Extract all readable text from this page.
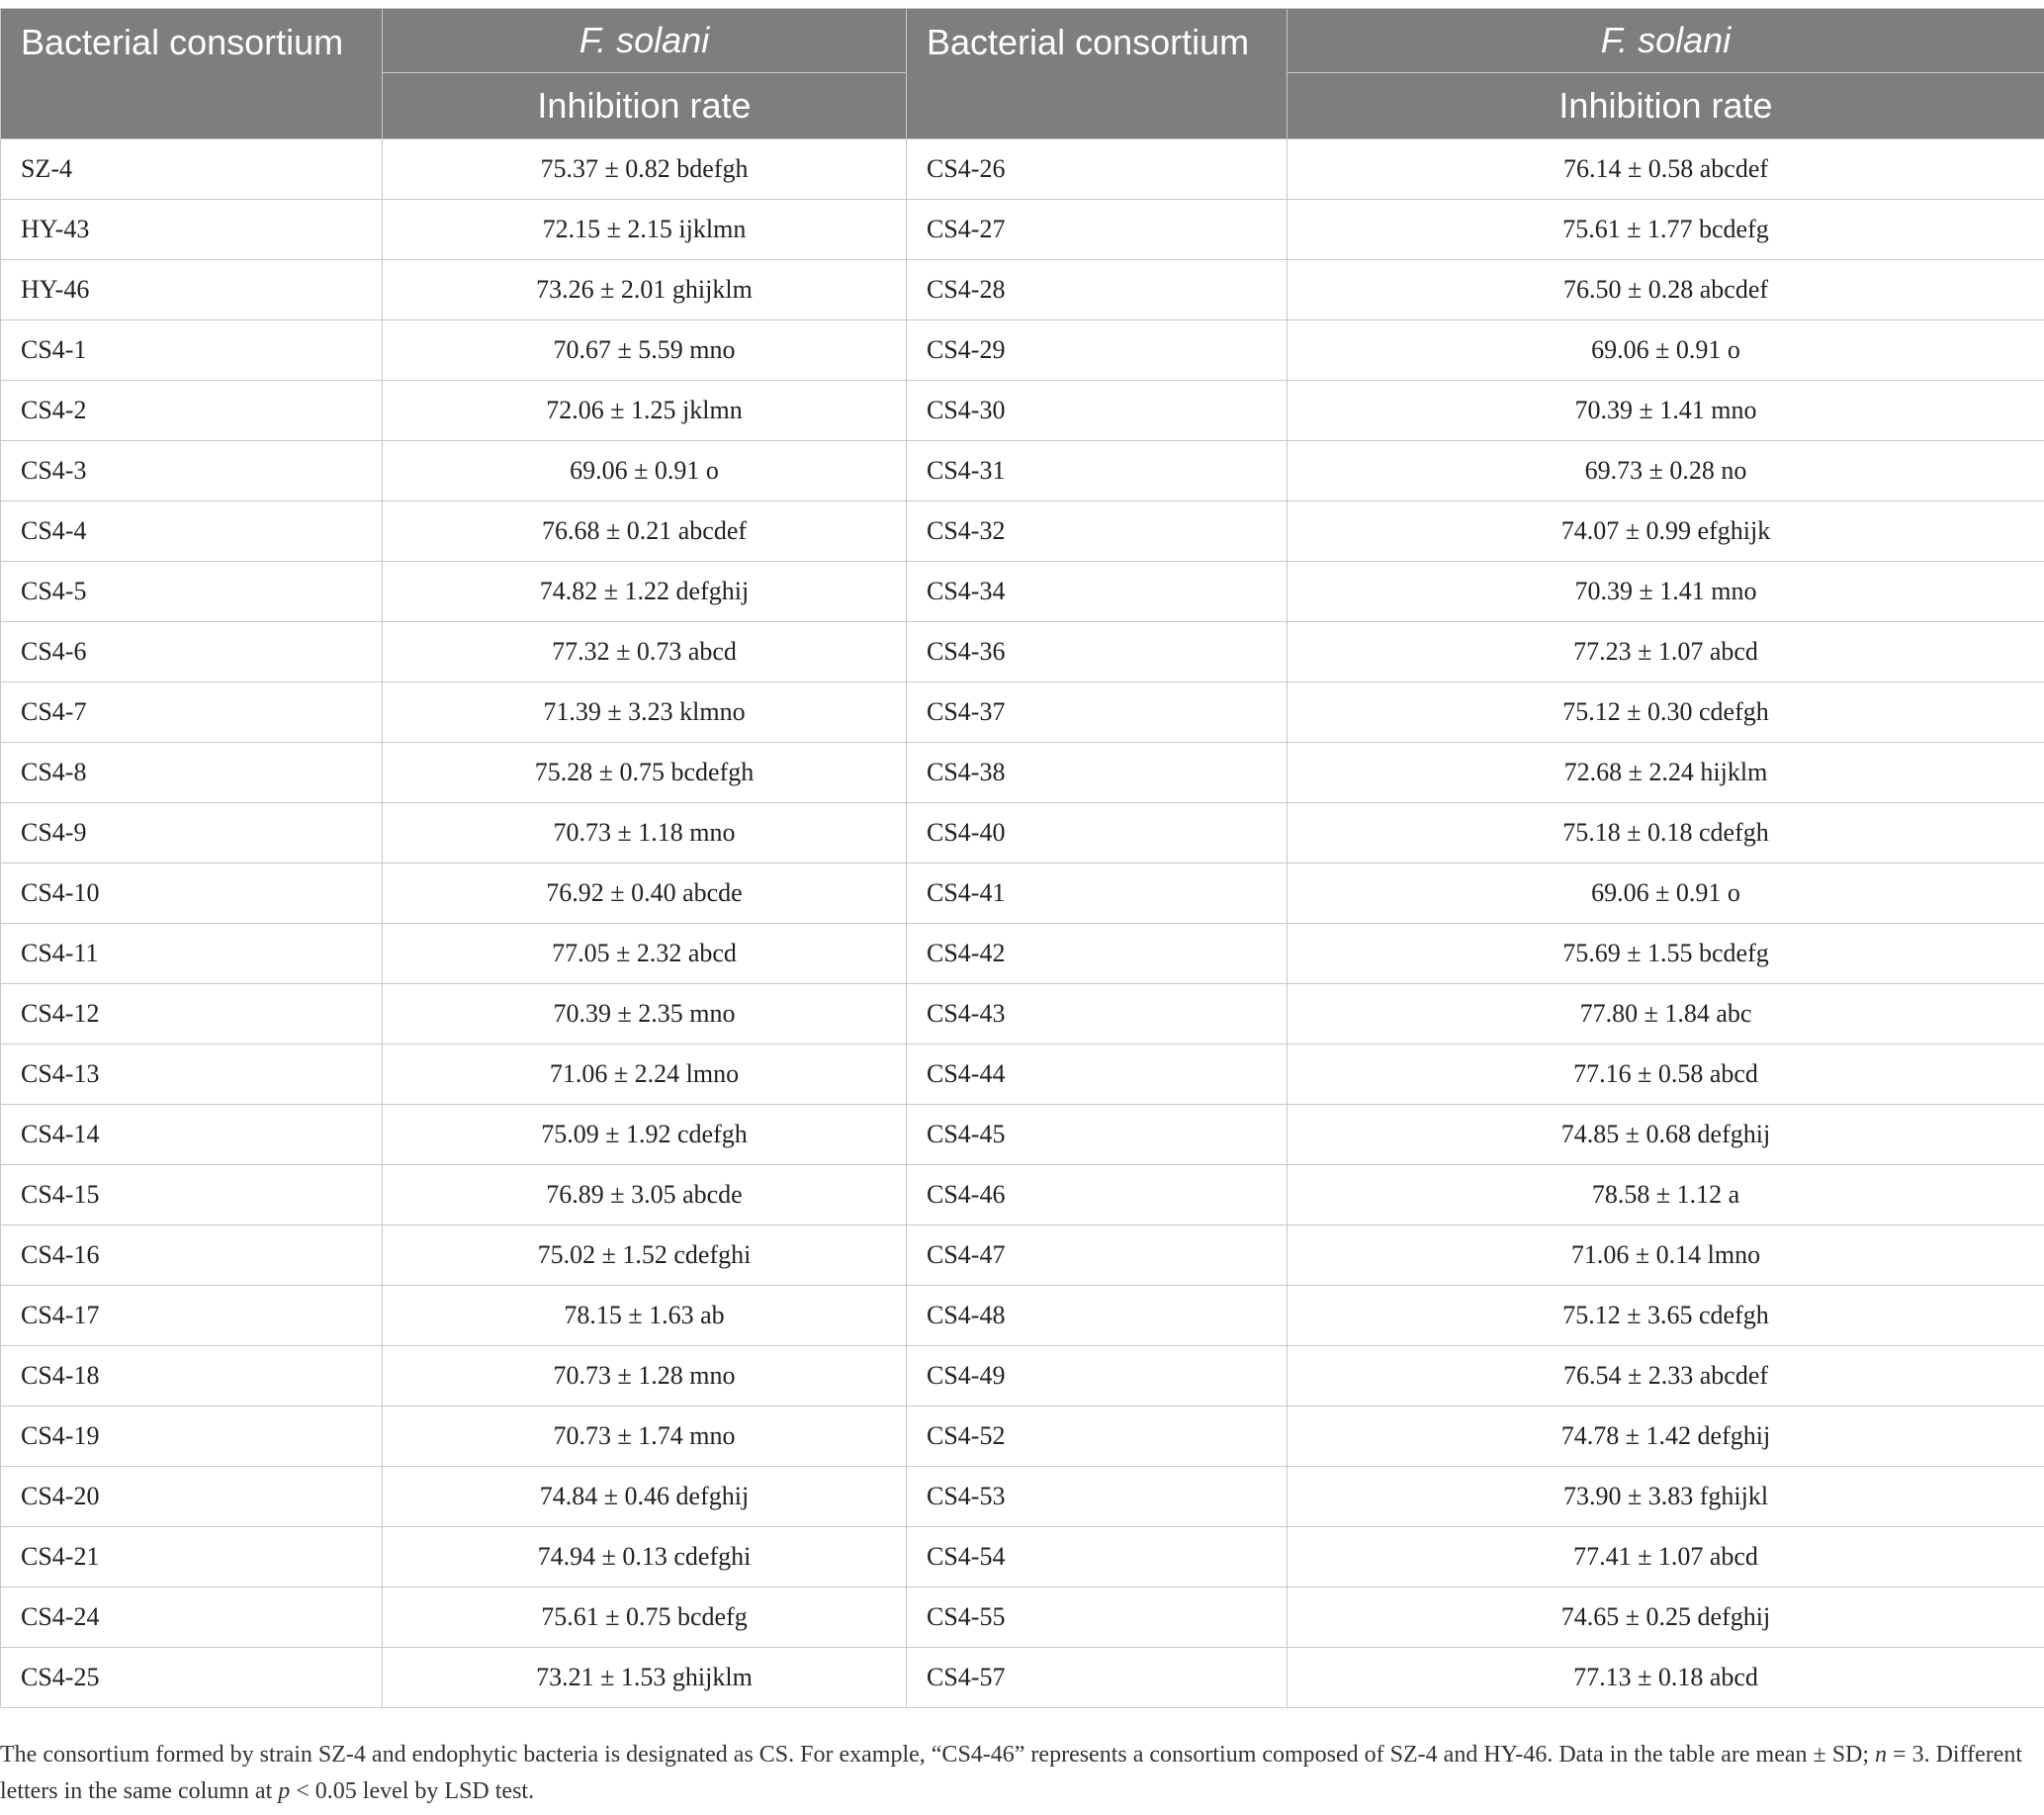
Bacterial consortium	F. solani	Bacterial consortium	F. solani
	Inhibition rate		Inhibition rate
SZ-4	75.37 ± 0.82 bdefgh	CS4-26	76.14 ± 0.58 abcdef
HY-43	72.15 ± 2.15 ijklmn	CS4-27	75.61 ± 1.77 bcdefg
HY-46	73.26 ± 2.01 ghijklm	CS4-28	76.50 ± 0.28 abcdef
CS4-1	70.67 ± 5.59 mno	CS4-29	69.06 ± 0.91 o
CS4-2	72.06 ± 1.25 jklmn	CS4-30	70.39 ± 1.41 mno
CS4-3	69.06 ± 0.91 o	CS4-31	69.73 ± 0.28 no
CS4-4	76.68 ± 0.21 abcdef	CS4-32	74.07 ± 0.99 efghijk
CS4-5	74.82 ± 1.22 defghij	CS4-34	70.39 ± 1.41 mno
CS4-6	77.32 ± 0.73 abcd	CS4-36	77.23 ± 1.07 abcd
CS4-7	71.39 ± 3.23 klmno	CS4-37	75.12 ± 0.30 cdefgh
CS4-8	75.28 ± 0.75 bcdefgh	CS4-38	72.68 ± 2.24 hijklm
CS4-9	70.73 ± 1.18 mno	CS4-40	75.18 ± 0.18 cdefgh
CS4-10	76.92 ± 0.40 abcde	CS4-41	69.06 ± 0.91 o
CS4-11	77.05 ± 2.32 abcd	CS4-42	75.69 ± 1.55 bcdefg
CS4-12	70.39 ± 2.35 mno	CS4-43	77.80 ± 1.84 abc
CS4-13	71.06 ± 2.24 lmno	CS4-44	77.16 ± 0.58 abcd
CS4-14	75.09 ± 1.92 cdefgh	CS4-45	74.85 ± 0.68 defghij
CS4-15	76.89 ± 3.05 abcde	CS4-46	78.58 ± 1.12 a
CS4-16	75.02 ± 1.52 cdefghi	CS4-47	71.06 ± 0.14 lmno
CS4-17	78.15 ± 1.63 ab	CS4-48	75.12 ± 3.65 cdefgh
CS4-18	70.73 ± 1.28 mno	CS4-49	76.54 ± 2.33 abcdef
CS4-19	70.73 ± 1.74 mno	CS4-52	74.78 ± 1.42 defghij
CS4-20	74.84 ± 0.46 defghij	CS4-53	73.90 ± 3.83 fghijkl
CS4-21	74.94 ± 0.13 cdefghi	CS4-54	77.41 ± 1.07 abcd
CS4-24	75.61 ± 0.75 bcdefg	CS4-55	74.65 ± 0.25 defghij
CS4-25	73.21 ± 1.53 ghijklm	CS4-57	77.13 ± 0.18 abcd
The consortium formed by strain SZ-4 and endophytic bacteria is designated as CS. For example, “CS4-46” represents a consortium composed of SZ-4 and HY-46. Data in the table are mean ± SD; n = 3. Different letters in the same column at p < 0.05 level by LSD test.
